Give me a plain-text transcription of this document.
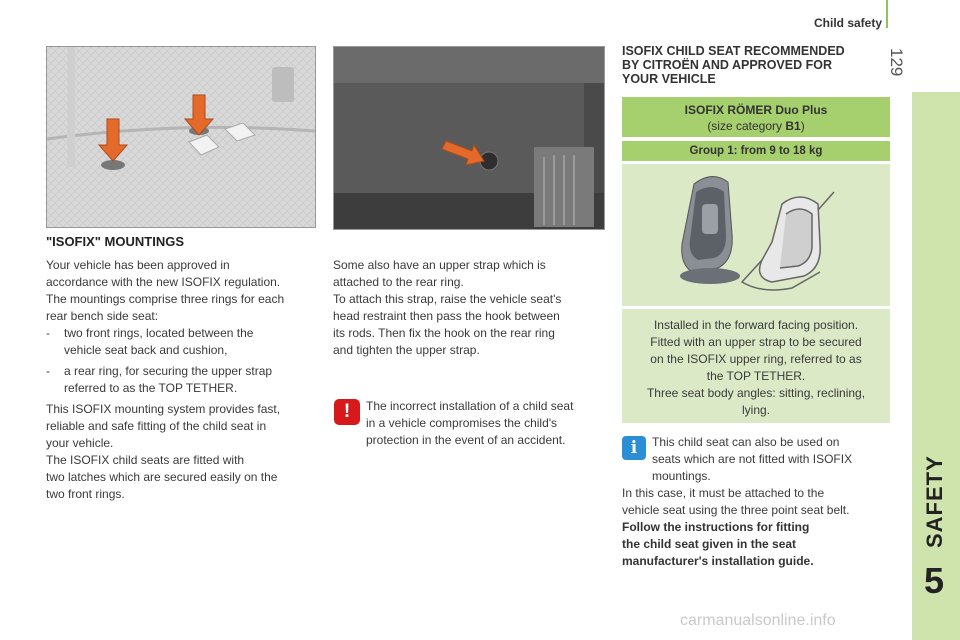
Child safety
129
SAFETY
5
"ISOFIX" MOUNTINGS
Your vehicle has been approved in
accordance with the new ISOFIX regulation.
The mountings comprise three rings for each
rear bench side seat:
- two front rings, located between the
vehicle seat back and cushion,
- a rear ring, for securing the upper strap
referred to as the TOP TETHER.
This ISOFIX mounting system provides fast,
reliable and safe fitting of the child seat in
your vehicle.
The ISOFIX child seats are fitted with
two latches which are secured easily on the
two front rings.
Some also have an upper strap which is
attached to the rear ring.
To attach this strap, raise the vehicle seat's
head restraint then pass the hook between
its rods. Then fix the hook on the rear ring
and tighten the upper strap.
!	The incorrect installation of a child seat
in a vehicle compromises the child's
protection in the event of an accident.
ISOFIX CHILD SEAT RECOMMENDED
BY CITROËN AND APPROVED FOR
YOUR VEHICLE
ISOFIX RÖMER Duo Plus
(size category B1)
Group 1: from 9 to 18 kg
Installed in the forward facing position.
Fitted with an upper strap to be secured
on the ISOFIX upper ring, referred to as
the TOP TETHER.
Three seat body angles: sitting, reclining,
lying.
i	This child seat can also be used on
seats which are not fitted with ISOFIX
mountings.
In this case, it must be attached to the
vehicle seat using the three point seat belt.
Follow the instructions for fitting
the child seat given in the seat
manufacturer's installation guide.
carmanualsonline.info
